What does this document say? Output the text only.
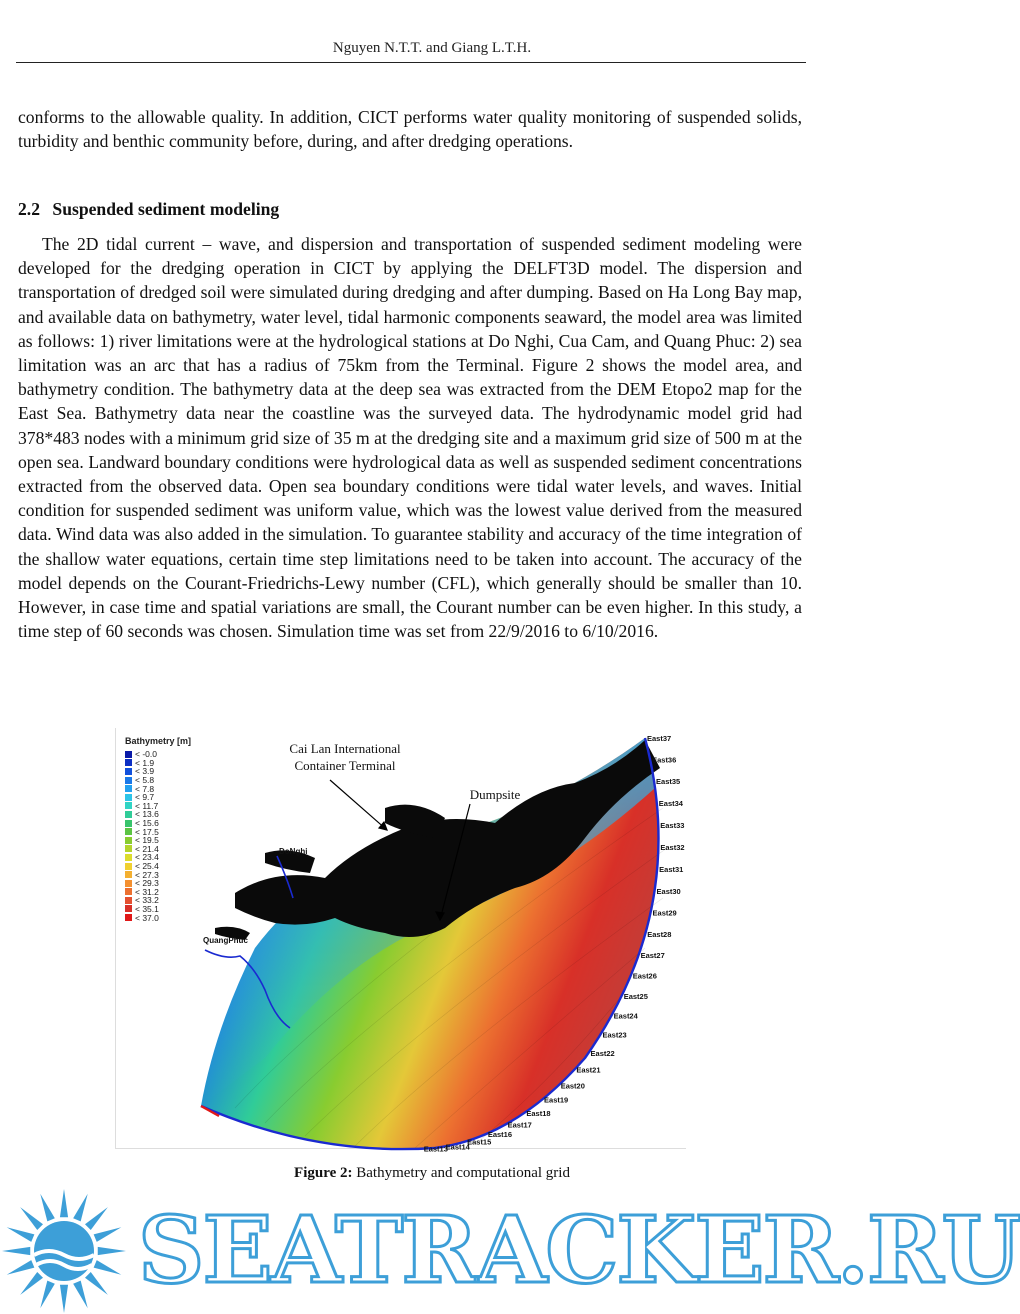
Nguyen N.T.T. and Giang L.T.H.

conforms to the allowable quality. In addition, CICT performs water quality monitoring of suspended solids, turbidity and benthic community before, during, and after dredging operations.

2.2 Suspended sediment modeling

The 2D tidal current – wave, and dispersion and transportation of suspended sediment modeling were developed for the dredging operation in CICT by applying the DELFT3D model. The dispersion and transportation of dredged soil were simulated during dredging and after dumping. Based on Ha Long Bay map, and available data on bathymetry, water level, tidal harmonic components seaward, the model area was limited as follows: 1) river limitations were at the hydrological stations at Do Nghi, Cua Cam, and Quang Phuc: 2) sea limitation was an arc that has a radius of 75km from the Terminal. Figure 2 shows the model area, and bathymetry condition. The bathymetry data at the deep sea was extracted from the DEM Etopo2 map for the East Sea. Bathymetry data near the coastline was the surveyed data. The hydrodynamic model grid had 378*483 nodes with a minimum grid size of 35 m at the dredging site and a maximum grid size of 500 m at the open sea. Landward boundary conditions were hydrological data as well as suspended sediment concentrations extracted from the observed data. Open sea boundary conditions were tidal water levels, and waves. Initial condition for suspended sediment was uniform value, which was the lowest value derived from the measured data. Wind data was also added in the simulation. To guarantee stability and accuracy of the time integration of the shallow water equations, certain time step limitations need to be taken into account. The accuracy of the model depends on the Courant-Friedrichs-Lewy number (CFL), which generally should be smaller than 10. However, in case time and spatial variations are small, the Courant number can be even higher. In this study, a time step of 60 seconds was chosen. Simulation time was set from 22/9/2016 to 6/10/2016.

East37
East36
East35
East34
East33
East32
East31
East30
East29
East28
East27
East26
East25
East24
East23
East22
East21
East20
East19
East18
East17
East16
East15
East14
East13
Bathymetry [m]
< -0.0
< 1.9
< 3.9
< 5.8
< 7.8
< 9.7
< 11.7
< 13.6
< 15.6
< 17.5
< 19.5
< 21.4
< 23.4
< 25.4
< 27.3
< 29.3
< 31.2
< 33.2
< 35.1
< 37.0
Cai Lan International
Container Terminal
Dumpsite
DoNghi
QuangPhuc
Figure 2: Bathymetry and computational grid
SEATRACKER.RU
